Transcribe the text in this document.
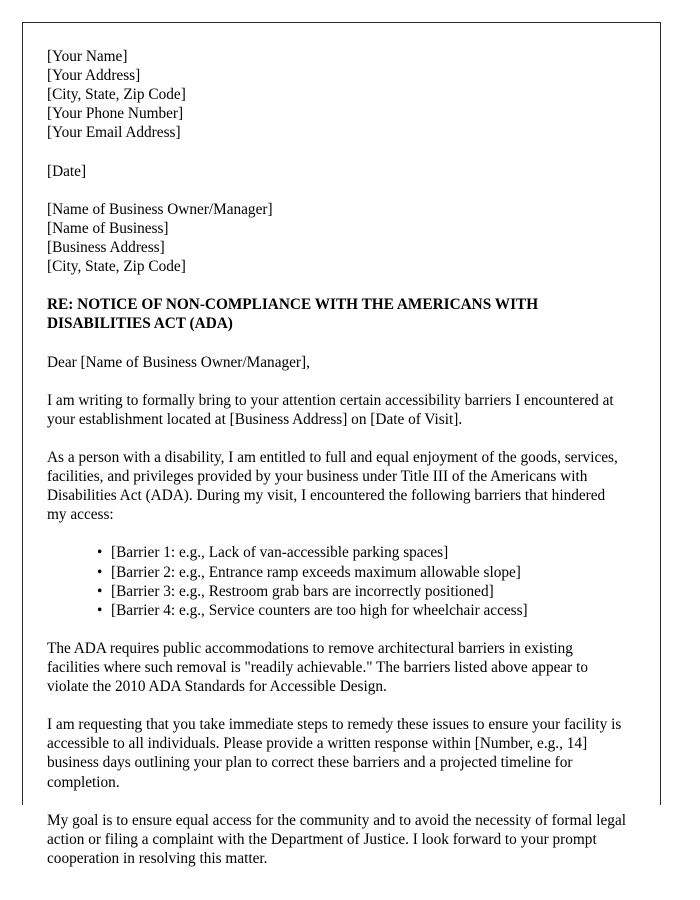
[Your Name]
[Your Address]
[City, State, Zip Code]
[Your Phone Number]
[Your Email Address]
[Date]
[Name of Business Owner/Manager]
[Name of Business]
[Business Address]
[City, State, Zip Code]
RE: NOTICE OF NON-COMPLIANCE WITH THE AMERICANS WITH DISABILITIES ACT (ADA)
Dear [Name of Business Owner/Manager],
I am writing to formally bring to your attention certain accessibility barriers I encountered at your establishment located at [Business Address] on [Date of Visit].
As a person with a disability, I am entitled to full and equal enjoyment of the goods, services, facilities, and privileges provided by your business under Title III of the Americans with Disabilities Act (ADA). During my visit, I encountered the following barriers that hindered my access:
• [Barrier 1: e.g., Lack of van-accessible parking spaces]
• [Barrier 2: e.g., Entrance ramp exceeds maximum allowable slope]
• [Barrier 3: e.g., Restroom grab bars are incorrectly positioned]
• [Barrier 4: e.g., Service counters are too high for wheelchair access]
The ADA requires public accommodations to remove architectural barriers in existing facilities where such removal is "readily achievable." The barriers listed above appear to violate the 2010 ADA Standards for Accessible Design.
I am requesting that you take immediate steps to remedy these issues to ensure your facility is accessible to all individuals. Please provide a written response within [Number, e.g., 14] business days outlining your plan to correct these barriers and a projected timeline for completion.
My goal is to ensure equal access for the community and to avoid the necessity of formal legal action or filing a complaint with the Department of Justice. I look forward to your prompt cooperation in resolving this matter.
